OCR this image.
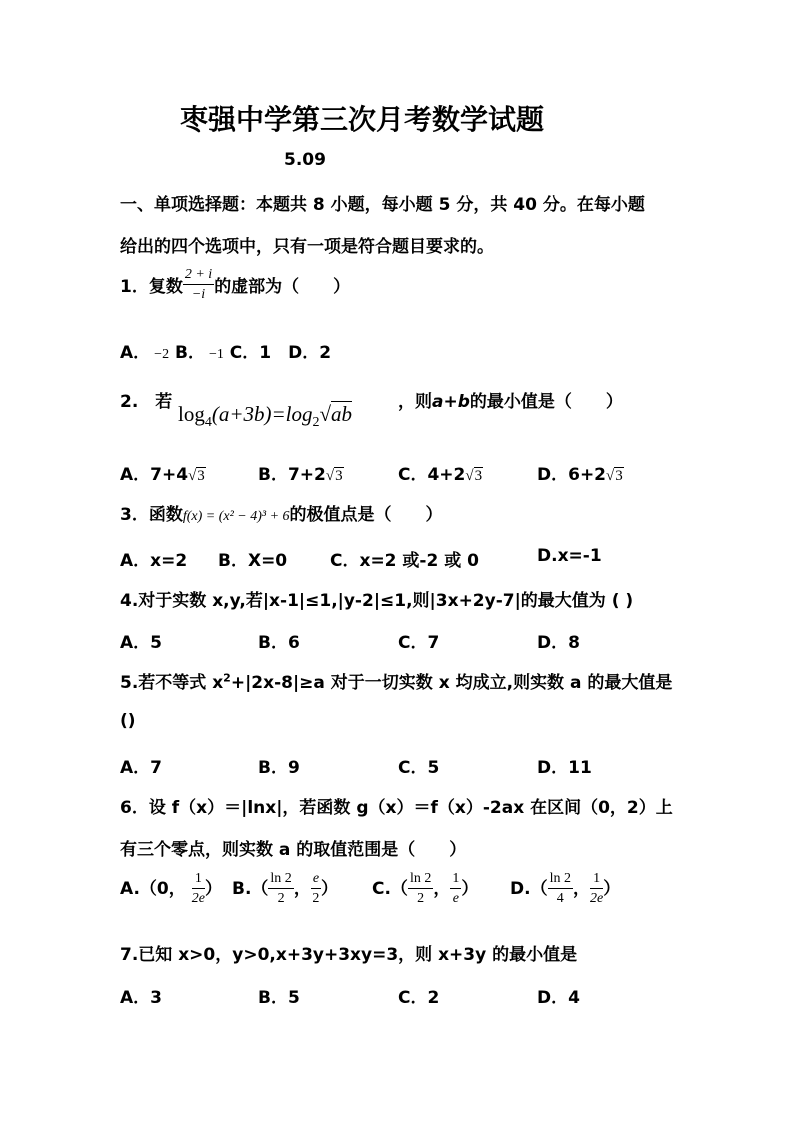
枣强中学第三次月考数学试题
5.09
一、单项选择题：本题共 8 小题，每小题 5 分，共 40 分。在每小题
给出的四个选项中，只有一项是符合题目要求的。
1．复数 $\frac{2 + i}{-i}$ 的虚部为（　　）
A． −2 B． −1 C．1　D．2
2.　若 $\log_4(a+3b)=\log_2√ab$	，则a+b的最小值是（　　）
A．7+4√3	B．7+2√3	C．4+2√3	D．6+2√3
3．函数f(x) = (x² − 4)³ + 6的极值点是（　　）
A．x=2 B．X=0	C．x=2 或-2 或 0	D.x=-1
4.对于实数 x,y,若|x-1|≤1,|y-2|≤1,则|3x+2y-7|的最大值为 ( )
A．5	B．6	C．7	D．8
5.若不等式 $x^2+|2x-8|\ge a$ 对于一切实数 x 均成立,则实数 a 的最大值是
()
A．7	B．9	C．5	D．11
6．设 f（x）＝|lnx|，若函数 g（x）＝f（x）-2ax 在区间（0，2）上
有三个零点，则实数 a 的取值范围是（　　）
A.（0， $\frac{1}{2e}$ ） $B.( \frac{\ln 2}{2}$ ， $\frac{e}{2}$ ） $C.( \frac{\ln 2}{2}$ ， $\frac{1}{e}$ ） $D.( \frac{\ln 2}{4}$ ， $\frac{1}{2e}$ ）
7.已知 x>0，y>0,x+3y+3xy=3，则 x+3y 的最小值是
A．3	B．5	C．2	D．4
